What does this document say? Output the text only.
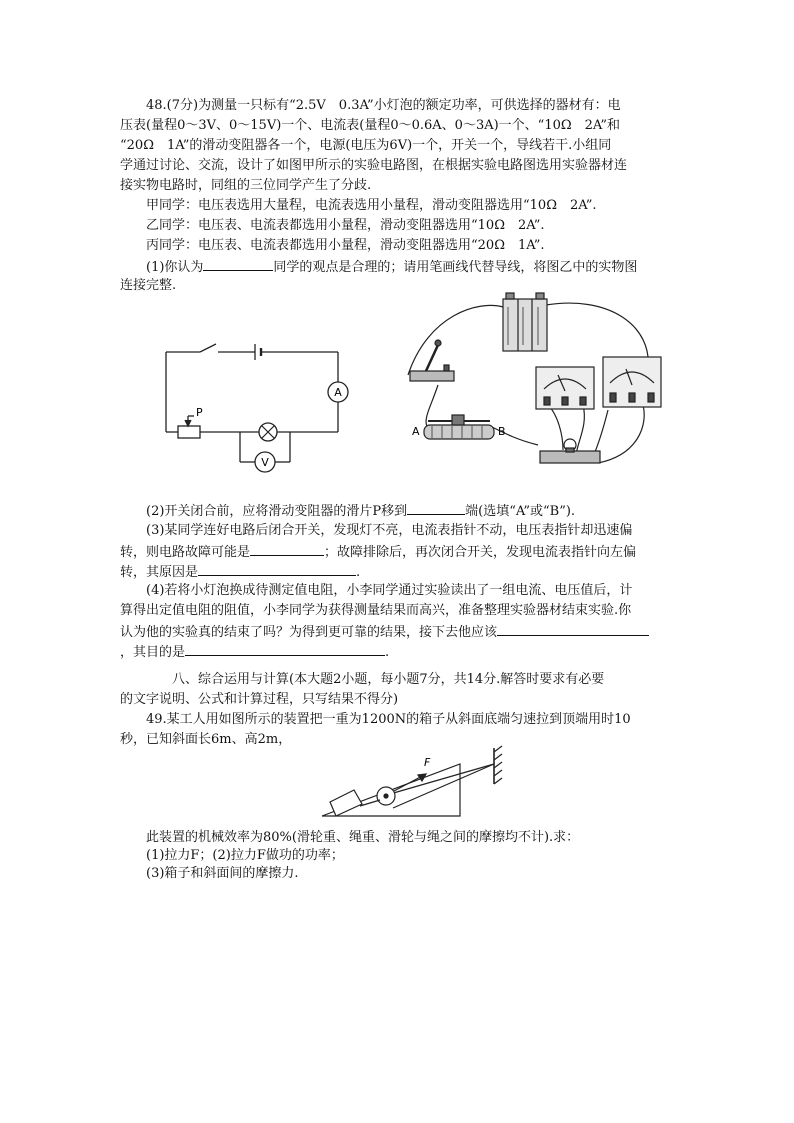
48.(7分)为测量一只标有“2.5V　0.3A”小灯泡的额定功率，可供选择的器材有：电
压表(量程0～3V、0～15V)一个、电流表(量程0～0.6A、0～3A)一个、“10Ω　2A”和
“20Ω　1A”的滑动变阻器各一个，电源(电压为6V)一个，开关一个，导线若干.小组同
学通过讨论、交流，设计了如图甲所示的实验电路图，在根据实验电路图选用实验器材连
接实物电路时，同组的三位同学产生了分歧.
甲同学：电压表选用大量程，电流表选用小量程，滑动变阻器选用“10Ω　2A”.
乙同学：电压表、电流表都选用小量程，滑动变阻器选用“10Ω　2A”.
丙同学：电压表、电流表都选用小量程，滑动变阻器选用“20Ω　1A”.
(1)你认为	同学的观点是合理的；请用笔画线代替导线，将图乙中的实物图
连接完整.
V
A
P
A	B
(2)开关闭合前，应将滑动变阻器的滑片P移到	端(选填“A”或“B”).
(3)某同学连好电路后闭合开关，发现灯不亮，电流表指针不动，电压表指针却迅速偏
转，则电路故障可能是	；故障排除后，再次闭合开关，发现电流表指针向左偏
转，其原因是	.
(4)若将小灯泡换成待测定值电阻，小李同学通过实验读出了一组电流、电压值后，计
算得出定值电阻的阻值，小李同学为获得测量结果而高兴，准备整理实验器材结束实验.你
认为他的实验真的结束了吗？为得到更可靠的结果，接下去他应该
，其目的是	.
八、综合运用与计算(本大题2小题，每小题7分，共14分.解答时要求有必要
的文字说明、公式和计算过程，只写结果不得分)
49.某工人用如图所示的装置把一重为1200N的箱子从斜面底端匀速拉到顶端用时10
秒，已知斜面长6m、高2m，
F
此装置的机械效率为80%(滑轮重、绳重、滑轮与绳之间的摩擦均不计).求：
(1)拉力F；(2)拉力F做功的功率；
(3)箱子和斜面间的摩擦力.
